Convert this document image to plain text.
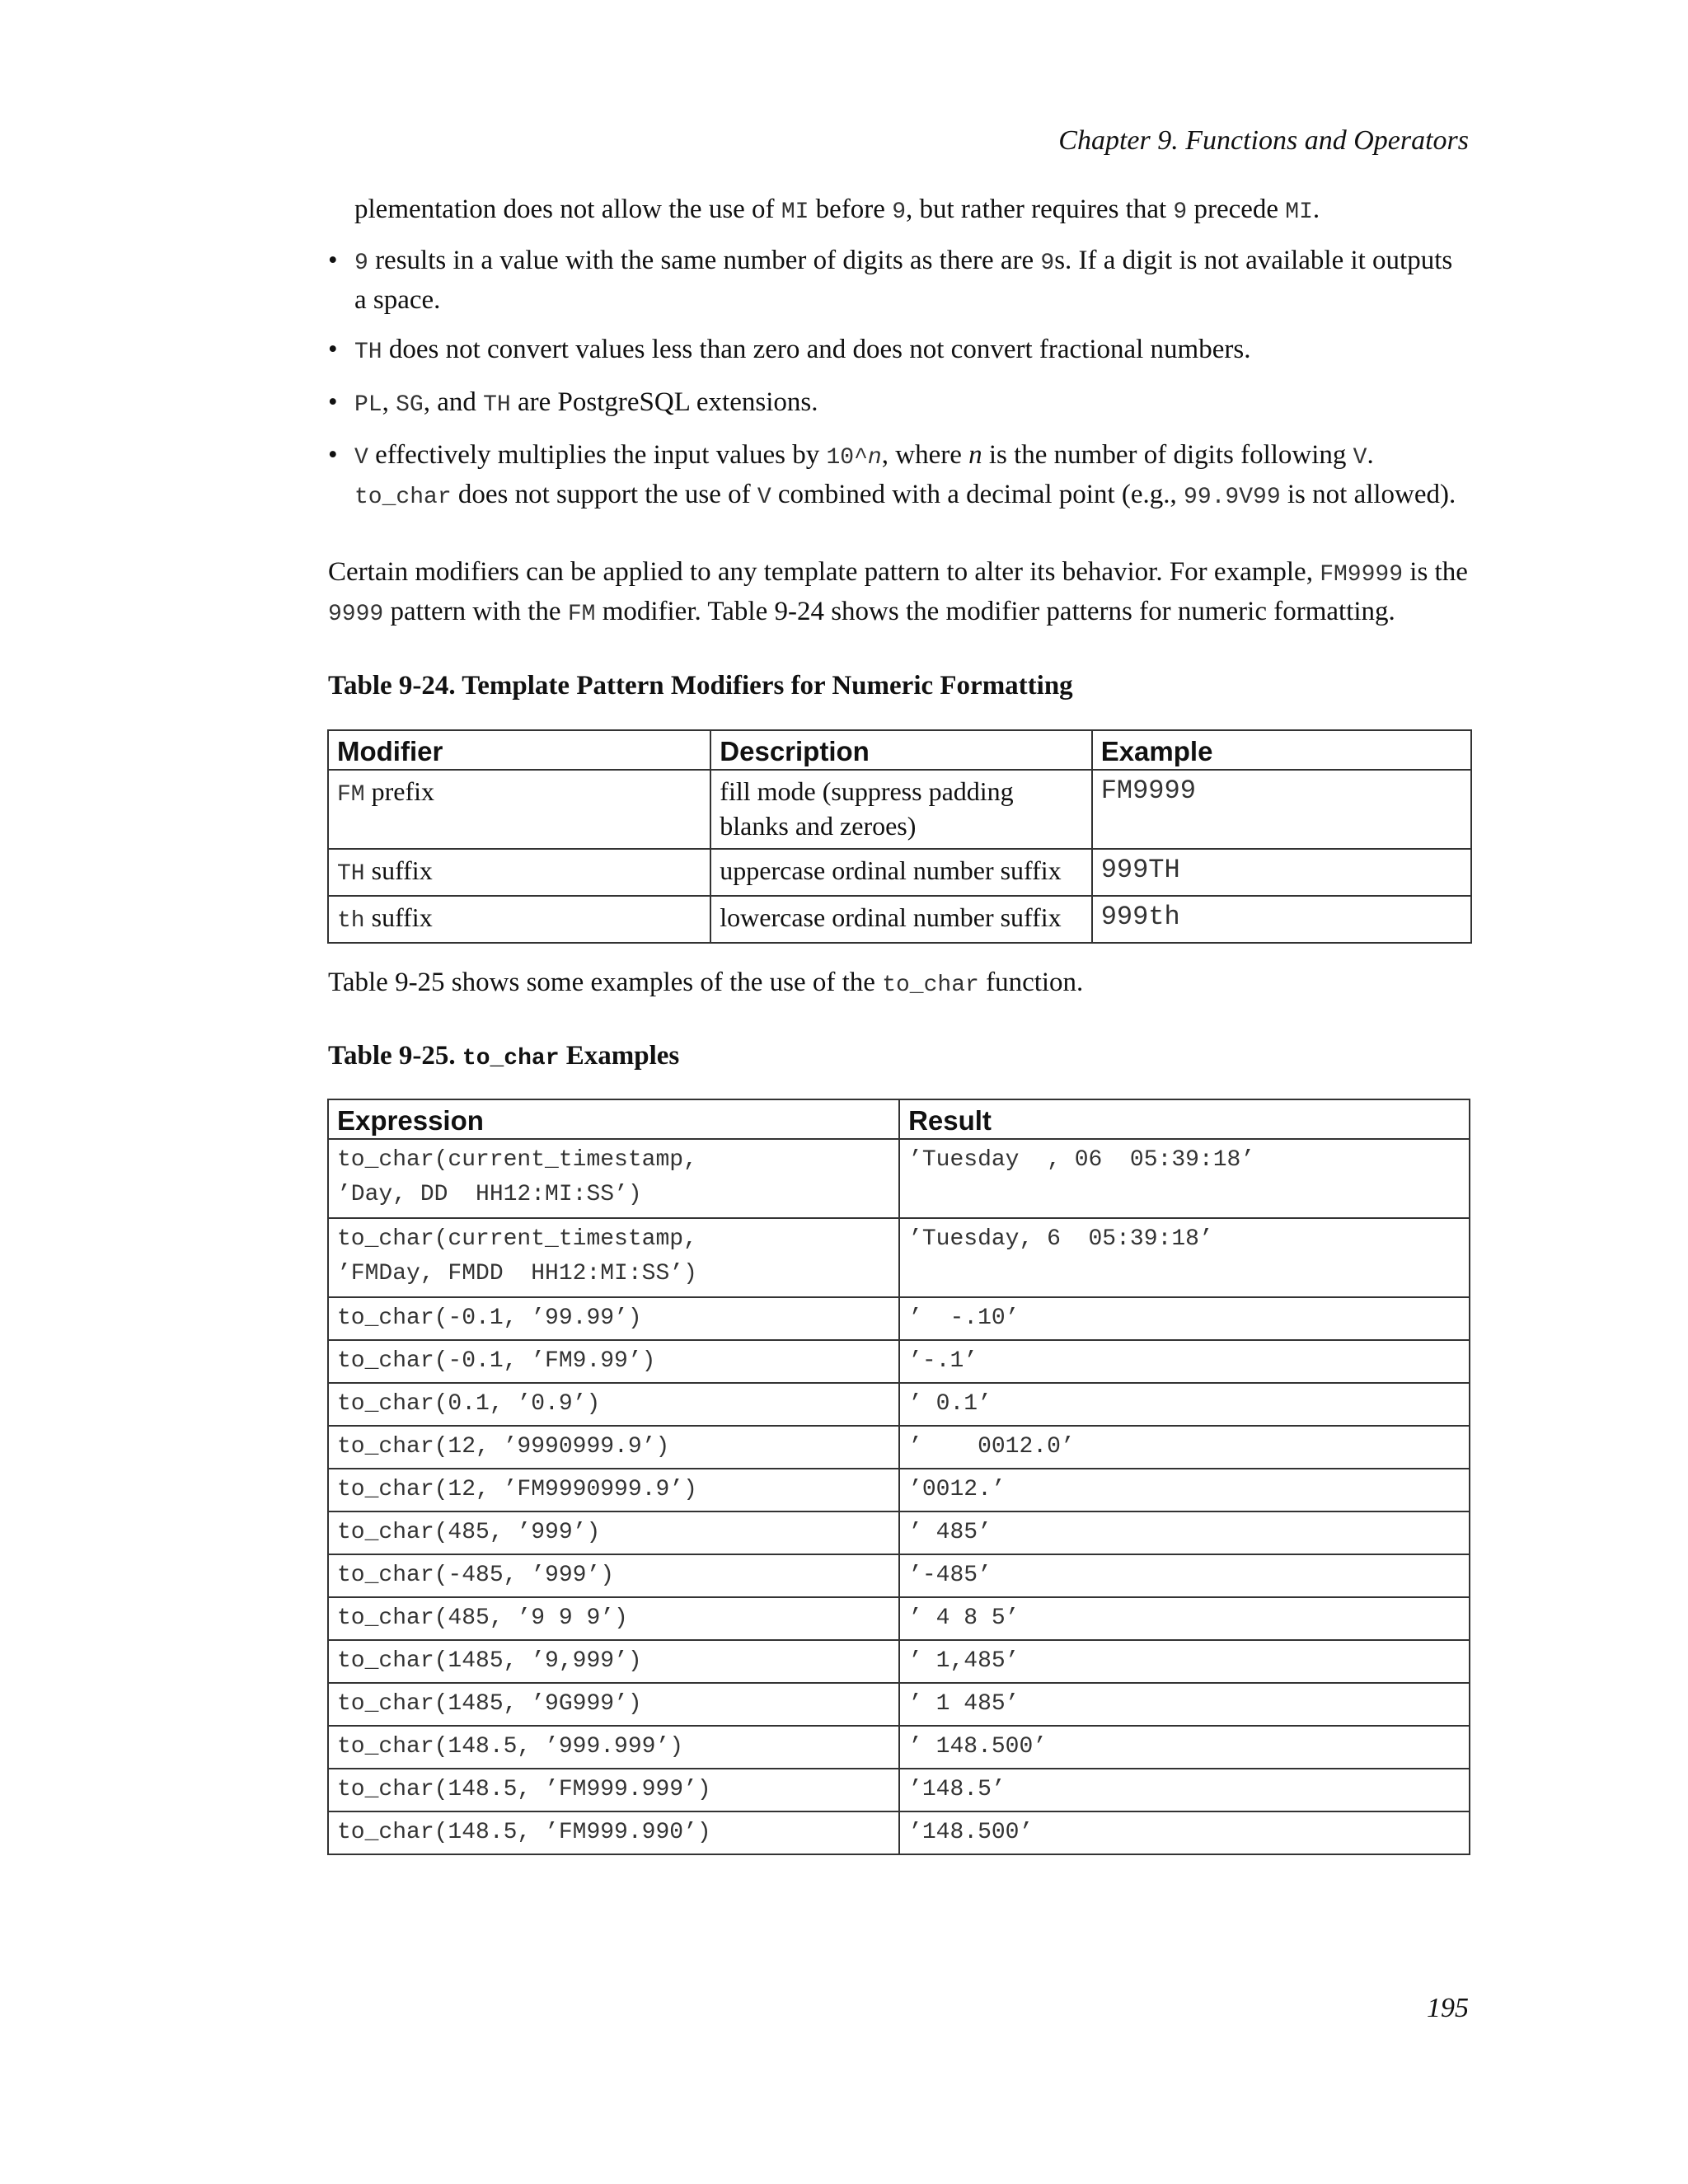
Chapter 9. Functions and Operators
plementation does not allow the use of MI before 9, but rather requires that 9 precede MI.
• 9 results in a value with the same number of digits as there are 9s. If a digit is not available it outputs a space.
• TH does not convert values less than zero and does not convert fractional numbers.
• PL, SG, and TH are PostgreSQL extensions.
• V effectively multiplies the input values by 10^n, where n is the number of digits following V. to_char does not support the use of V combined with a decimal point (e.g., 99.9V99 is not allowed).
Certain modifiers can be applied to any template pattern to alter its behavior. For example, FM9999 is the 9999 pattern with the FM modifier. Table 9-24 shows the modifier patterns for numeric formatting.
Table 9-24. Template Pattern Modifiers for Numeric Formatting
Modifier	Description	Example
FM prefix	fill mode (suppress padding blanks and zeroes)	FM9999
TH suffix	uppercase ordinal number suffix	999TH
th suffix	lowercase ordinal number suffix	999th
Table 9-25 shows some examples of the use of the to_char function.
Table 9-25. to_char Examples
Expression	Result
to_char(current_timestamp,
’Day, DD  HH12:MI:SS’)	’Tuesday  , 06  05:39:18’
to_char(current_timestamp,
’FMDay, FMDD  HH12:MI:SS’)	’Tuesday, 6  05:39:18’
to_char(-0.1, ’99.99’)	’  -.10’
to_char(-0.1, ’FM9.99’)	’-.1’
to_char(0.1, ’0.9’)	’ 0.1’
to_char(12, ’9990999.9’)	’    0012.0’
to_char(12, ’FM9990999.9’)	’0012.’
to_char(485, ’999’)	’ 485’
to_char(-485, ’999’)	’-485’
to_char(485, ’9 9 9’)	’ 4 8 5’
to_char(1485, ’9,999’)	’ 1,485’
to_char(1485, ’9G999’)	’ 1 485’
to_char(148.5, ’999.999’)	’ 148.500’
to_char(148.5, ’FM999.999’)	’148.5’
to_char(148.5, ’FM999.990’)	’148.500’
195
